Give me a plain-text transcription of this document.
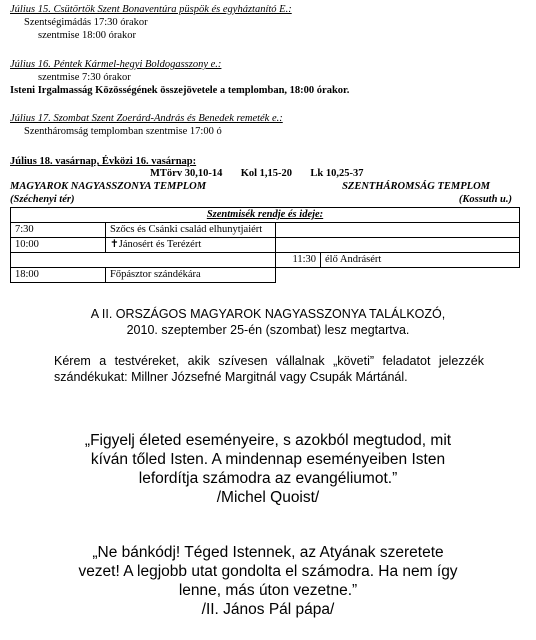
Július 15. Csütörtök Szent Bonaventúra püspök és egyháztanító E.:
Szentségimádás 17:30 órakor
szentmise 18:00 órakor
Július 16. Péntek Kármel-hegyi Boldogasszony e.:
szentmise 7:30 órakor
Isteni Irgalmasság Közösségének összejövetele a templomban, 18:00 órakor.
Július 17. Szombat Szent Zoerárd-András és Benedek remeték e.:
Szentháromság templomban szentmise 17:00 ó
Július 18. vasárnap, Évközi 16. vasárnap:
MTörv 30,10-14       Kol 1,15-20       Lk 10,25-37
MAGYAROK NAGYASSZONYA TEMPLOM	SZENTHÁROMSÁG TEMPLOM
(Széchenyi tér)	(Kossuth u.)
Szentmisék rendje és ideje:			
7:30	Szőcs és Csánki család elhunytjaiért		
10:00	✝Jánosért és Terézért		
		11:30	élő Andrásért
18:00	Főpásztor szándékára		
A II. ORSZÁGOS MAGYAROK NAGYASSZONYA TALÁLKOZÓ,
2010. szeptember 25-én (szombat) lesz megtartva.
Kérem a testvéreket, akik szívesen vállalnak „követi” feladatot jelezzék szándékukat: Millner Józsefné Margitnál vagy Csupák Mártánál.
„Figyelj életed eseményeire, s azokból megtudod, mit
kíván tőled Isten. A mindennap eseményeiben Isten
lefordítja számodra az evangéliumot.”
/Michel Quoist/
„Ne bánkódj! Téged Istennek, az Atyának szeretete
vezet! A legjobb utat gondolta el számodra. Ha nem így
lenne, más úton vezetne.”
/II. János Pál pápa/
